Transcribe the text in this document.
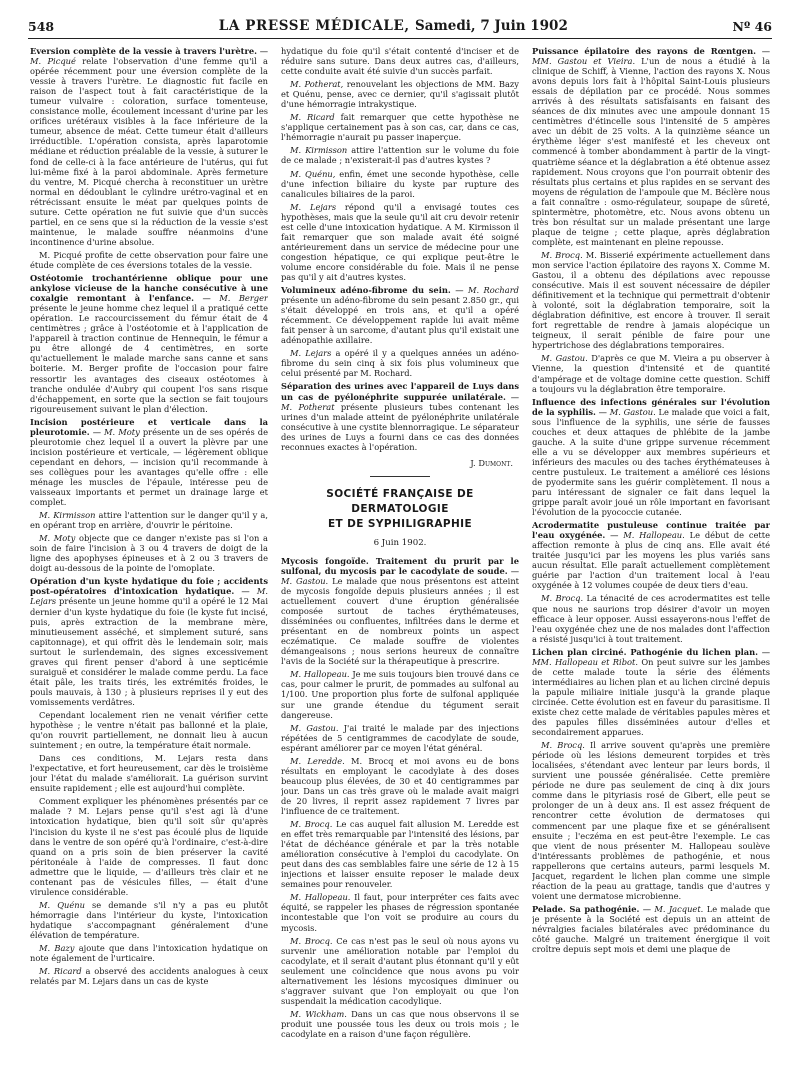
548	LA PRESSE MÉDICALE, Samedi, 7 Juin 1902	Nº 46

Eversion complète de la vessie à travers l'urètre. — M. Picqué relate l'observation d'une femme qu'il a opérée récemment pour une éversion complète de la vessie à travers l'urètre. Le diagnostic fut facile en raison de l'aspect tout à fait caractéristique de la tumeur vulvaire : coloration, surface tomenteuse, consistance molle, écoulement incessant d'urine par les orifices urétéraux visibles à la face inférieure de la tumeur, absence de méat. Cette tumeur était d'ailleurs irréductible. L'opération consista, après laparotomie médiane et réduction préalable de la vessie, à suturer le fond de celle-ci à la face antérieure de l'utérus, qui fut lui-même fixé à la paroi abdominale. Après fermeture du ventre, M. Picqué chercha à reconstituer un urètre normal en dédoublant le cylindre urétro-vaginal et en rétrécissant ensuite le méat par quelques points de suture. Cette opération ne fut suivie que d'un succès partiel, en ce sens que si la réduction de la vessie s'est maintenue, le malade souffre néanmoins d'une incontinence d'urine absolue.

M. Picqué profite de cette observation pour faire une étude complète de ces éversions totales de la vessie.

Ostéotomie trochantérienne oblique pour une ankylose vicieuse de la hanche consécutive à une coxalgie remontant à l'enfance. — M. Berger présente le jeune homme chez lequel il a pratiqué cette opération. Le raccourcissement du fémur était de 4 centimètres ; grâce à l'ostéotomie et à l'application de l'appareil à traction continue de Hennequin, le fémur a pu être allongé de 4 centimètres, en sorte qu'actuellement le malade marche sans canne et sans boiterie. M. Berger profite de l'occasion pour faire ressortir les avantages des ciseaux ostéotomes à tranche ondulée d'Aubry qui coupent l'os sans risque d'échappement, en sorte que la section se fait toujours rigoureusement suivant le plan d'élection.

Incision postérieure et verticale dans la pleurotomie. — M. Moty présente un de ses opérés de pleurotomie chez lequel il a ouvert la plèvre par une incision postérieure et verticale, — légèrement oblique cependant en dehors, — incision qu'il recommande à ses collègues pour les avantages qu'elle offre : elle ménage les muscles de l'épaule, intéresse peu de vaisseaux importants et permet un drainage large et complet.

M. Kirmisson attire l'attention sur le danger qu'il y a, en opérant trop en arrière, d'ouvrir le péritoine.

M. Moty objecte que ce danger n'existe pas si l'on a soin de faire l'incision à 3 ou 4 travers de doigt de la ligne des apophyses épineuses et à 2 ou 3 travers de doigt au-dessous de la pointe de l'omoplate.

Opération d'un kyste hydatique du foie ; accidents post-opératoires d'intoxication hydatique. — M. Lejars présente un jeune homme qu'il a opéré le 12 Mai dernier d'un kyste hydatique du foie (le kyste fut incisé, puis, après extraction de la membrane mère, minutieusement asséché, et simplement suturé, sans capitonnage), et qui offrit dès le lendemain soir, mais surtout le surlendemain, des signes excessivement graves qui firent penser d'abord à une septicémie suraiguë et considérer le malade comme perdu. La face était pâle, les traits tirés, les extrémités froides, le pouls mauvais, à 130 ; à plusieurs reprises il y eut des vomissements verdâtres.

Cependant localement rien ne venait vérifier cette hypothèse ; le ventre n'était pas ballonné et la plaie, qu'on rouvrit partiellement, ne donnait lieu à aucun suintement ; en outre, la température était normale.

Dans ces conditions, M. Lejars resta dans l'expectative, et fort heureusement, car dès le troisième jour l'état du malade s'améliorait. La guérison survint ensuite rapidement ; elle est aujourd'hui complète.

Comment expliquer les phénomènes présentés par ce malade ? M. Lejars pense qu'il s'est agi là d'une intoxication hydatique, bien qu'il soit sûr qu'après l'incision du kyste il ne s'est pas écoulé plus de liquide dans le ventre de son opéré qu'à l'ordinaire, c'est-à-dire quand on a pris soin de bien préserver la cavité péritonéale à l'aide de compresses. Il faut donc admettre que le liquide, — d'ailleurs très clair et ne contenant pas de vésicules filles, — était d'une virulence considérable.

M. Quénu se demande s'il n'y a pas eu plutôt hémorragie dans l'intérieur du kyste, l'intoxication hydatique s'accompagnant généralement d'une élévation de température.

M. Bazy ajoute que dans l'intoxication hydatique on note également de l'urticaire.

M. Ricard a observé des accidents analogues à ceux relatés par M. Lejars dans un cas de kyste

hydatique du foie qu'il s'était contenté d'inciser et de réduire sans suture. Dans deux autres cas, d'ailleurs, cette conduite avait été suivie d'un succès parfait.

M. Potherat, renouvelant les objections de MM. Bazy et Quénu, pense, avec ce dernier, qu'il s'agissait plutôt d'une hémorragie intrakystique.

M. Ricard fait remarquer que cette hypothèse ne s'applique certainement pas à son cas, car, dans ce cas, l'hémorragie n'aurait pu passer inaperçue.

M. Kirmisson attire l'attention sur le volume du foie de ce malade ; n'existerait-il pas d'autres kystes ?

M. Quénu, enfin, émet une seconde hypothèse, celle d'une infection biliaire du kyste par rupture des canalicules biliaires de la paroi.

M. Lejars répond qu'il a envisagé toutes ces hypothèses, mais que la seule qu'il ait cru devoir retenir est celle d'une intoxication hydatique. A M. Kirmisson il fait remarquer que son malade avait été soigné antérieurement dans un service de médecine pour une congestion hépatique, ce qui explique peut-être le volume encore considérable du foie. Mais il ne pense pas qu'il y ait d'autres kystes.

Volumineux adéno-fibrome du sein. — M. Rochard présente un adéno-fibrome du sein pesant 2.850 gr., qui s'était développé en trois ans, et qu'il a opéré récemment. Ce développement rapide lui avait même fait penser à un sarcome, d'autant plus qu'il existait une adénopathie axillaire.

M. Lejars a opéré il y a quelques années un adéno-fibrome du sein cinq à six fois plus volumineux que celui présenté par M. Rochard.

Séparation des urines avec l'appareil de Luys dans un cas de pyélonéphrite suppurée unilatérale. — M. Potherat présente plusieurs tubes contenant les urines d'un malade atteint de pyélonéphrite unilatérale consécutive à une cystite blennorragique. Le séparateur des urines de Luys a fourni dans ce cas des données reconnues exactes à l'opération.

J. Dumont.
SOCIÉTÉ FRANÇAISE DE DERMATOLOGIE
ET DE SYPHILIGRAPHIE
6 Juin 1902.

Mycosis fongoïde. Traitement du prurit par le sulfonal, du mycosis par le cacodylate de soude. — M. Gastou. Le malade que nous présentons est atteint de mycosis fongoïde depuis plusieurs années ; il est actuellement couvert d'une éruption généralisée composée surtout de taches érythémateuses, disséminées ou confluentes, infiltrées dans le derme et présentant en de nombreux points un aspect eczématique. Ce malade souffre de violentes démangeaisons ; nous serions heureux de connaître l'avis de la Société sur la thérapeutique à prescrire.

M. Hallopeau. Je me suis toujours bien trouvé dans ce cas, pour calmer le prurit, de pommades au sulfonal au 1/100. Une proportion plus forte de sulfonal appliquée sur une grande étendue du tégument serait dangereuse.

M. Gastou. J'ai traité le malade par des injections répétées de 5 centigrammes de cacodylate de soude, espérant améliorer par ce moyen l'état général.

M. Leredde. M. Brocq et moi avons eu de bons résultats en employant le cacodylate à des doses beaucoup plus élevées, de 30 et 40 centigrammes par jour. Dans un cas très grave où le malade avait maigri de 20 livres, il reprit assez rapidement 7 livres par l'influence de ce traitement.

M. Brocq. Le cas auquel fait allusion M. Leredde est en effet très remarquable par l'intensité des lésions, par l'état de déchéance générale et par la très notable amélioration consécutive à l'emploi du cacodylate. On peut dans des cas semblables faire une série de 12 à 15 injections et laisser ensuite reposer le malade deux semaines pour renouveler.

M. Hallopeau. Il faut, pour interpréter ces faits avec équité, se rappeler les phases de régression spontanée incontestable que l'on voit se produire au cours du mycosis.

M. Brocq. Ce cas n'est pas le seul où nous ayons vu survenir une amélioration notable par l'emploi du cacodylate, et il serait d'autant plus étonnant qu'il y eût seulement une coïncidence que nous avons pu voir alternativement les lésions mycosiques diminuer ou s'aggraver suivant que l'on employait ou que l'on suspendait la médication cacodylique.

M. Wickham. Dans un cas que nous observons il se produit une poussée tous les deux ou trois mois ; le cacodylate en a raison d'une façon régulière.

Puissance épilatoire des rayons de Rœntgen. — MM. Gastou et Vieira. L'un de nous a étudié à la clinique de Schiff, à Vienne, l'action des rayons X. Nous avons depuis lors fait à l'hôpital Saint-Louis plusieurs essais de dépilation par ce procédé. Nous sommes arrivés à des résultats satisfaisants en faisant des séances de dix minutes avec une ampoule donnant 15 centimètres d'étincelle sous l'intensité de 5 ampères avec un débit de 25 volts. A la quinzième séance un érythème léger s'est manifesté et les cheveux ont commencé à tomber abondamment à partir de la vingt-quatrième séance et la déglabration a été obtenue assez rapidement. Nous croyons que l'on pourrait obtenir des résultats plus certains et plus rapides en se servant des moyens de régulation de l'ampoule que M. Béclère nous a fait connaître : osmo-régulateur, soupape de sûreté, spintermètre, photomètre, etc. Nous avons obtenu un très bon résultat sur un malade présentant une large plaque de teigne ; cette plaque, après déglabration complète, est maintenant en pleine repousse.

M. Brocq. M. Bisserié expérimente actuellement dans mon service l'action épilatoire des rayons X. Comme M. Gastou, il a obtenu des dépilations avec repousse consécutive. Mais il est souvent nécessaire de dépiler définitivement et la technique qui permettrait d'obtenir à volonté, soit la déglabration temporaire, soit la déglabration définitive, est encore à trouver. Il serait fort regrettable de rendre à jamais alopécique un teigneux, il serait pénible de faire pour une hypertrichose des déglabrations temporaires.

M. Gastou. D'après ce que M. Vieira a pu observer à Vienne, la question d'intensité et de quantité d'ampérage et de voltage domine cette question. Schiff a toujours vu la déglabration être temporaire.

Influence des infections générales sur l'évolution de la syphilis. — M. Gastou. Le malade que voici a fait, sous l'influence de la syphilis, une série de fausses couches et deux attaques de phlébite de la jambe gauche. A la suite d'une grippe survenue récemment elle a vu se développer aux membres supérieurs et inférieurs des macules ou des taches érythémateuses à centre pustuleux. Le traitement a amélioré ces lésions de pyodermite sans les guérir complètement. Il nous a paru intéressant de signaler ce fait dans lequel la grippe paraît avoir joué un rôle important en favorisant l'évolution de la pyococcie cutanée.

Acrodermatite pustuleuse continue traitée par l'eau oxygénée. — M. Hallopeau. Le début de cette affection remonte à plus de cinq ans. Elle avait été traitée jusqu'ici par les moyens les plus variés sans aucun résultat. Elle paraît actuellement complètement guérie par l'action d'un traitement local à l'eau oxygénée à 12 volumes coupée de deux tiers d'eau.

M. Brocq. La ténacité de ces acrodermatites est telle que nous ne saurions trop désirer d'avoir un moyen efficace à leur opposer. Aussi essayerons-nous l'effet de l'eau oxygénée chez une de nos malades dont l'affection a résisté jusqu'ici à tout traitement.

Lichen plan circiné. Pathogénie du lichen plan. — MM. Hallopeau et Ribot. On peut suivre sur les jambes de cette malade toute la série des éléments intermédiaires au lichen plan et au lichen circiné depuis la papule miliaire initiale jusqu'à la grande plaque circinée. Cette évolution est en faveur du parasitisme. Il existe chez cette malade de véritables papules mères et des papules filles disséminées autour d'elles et secondairement apparues.

M. Brocq. Il arrive souvent qu'après une première période où les lésions demeurent torpides et très localisées, s'étendant avec lenteur par leurs bords, il survient une poussée généralisée. Cette première période ne dure pas seulement de cinq à dix jours comme dans le pityriasis rosé de Gibert, elle peut se prolonger de un à deux ans. Il est assez fréquent de rencontrer cette évolution de dermatoses qui commencent par une plaque fixe et se généralisent ensuite ; l'eczéma en est peut-être l'exemple. Le cas que vient de nous présenter M. Hallopeau soulève d'intéressants problèmes de pathogénie, et nous rappellerons que certains auteurs, parmi lesquels M. Jacquet, regardent le lichen plan comme une simple réaction de la peau au grattage, tandis que d'autres y voient une dermatose microbienne.

Pelade. Sa pathogénie. — M. Jacquet. Le malade que je présente à la Société est depuis un an atteint de névralgies faciales bilatérales avec prédominance du côté gauche. Malgré un traitement énergique il voit croître depuis sept mois et demi une plaque de
